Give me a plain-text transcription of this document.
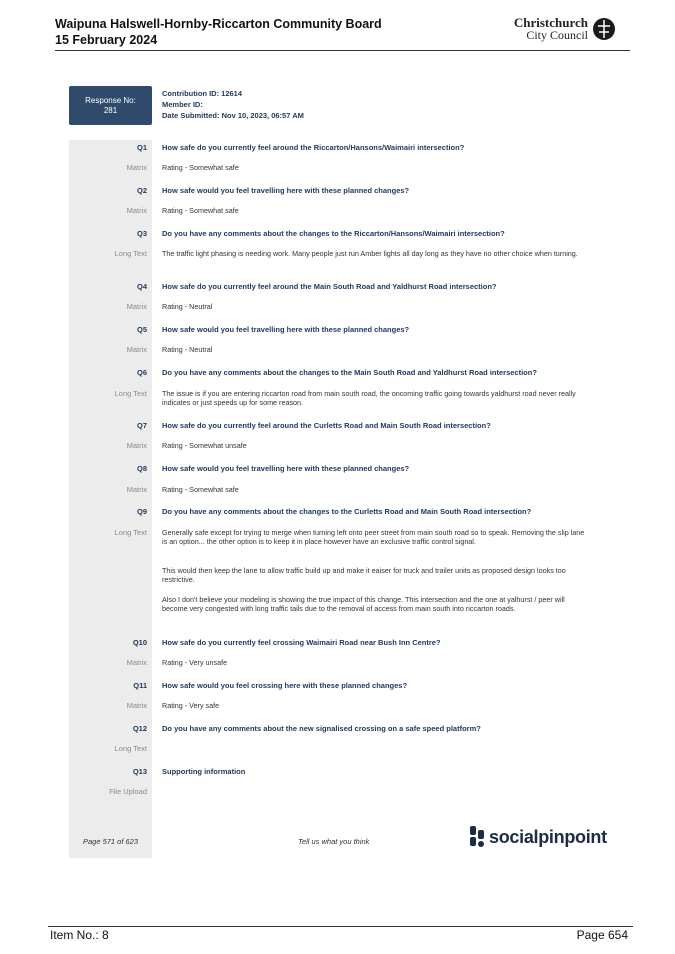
Waipuna Halswell-Hornby-Riccarton Community Board
15 February 2024
Christchurch
City Council
Response No:
281
Contribution ID: 12614
Member ID:
Date Submitted: Nov 10, 2023, 06:57 AM
Q1 How safe do you currently feel around the Riccarton/Hansons/Waimairi intersection?
Matrix Rating - Somewhat safe
Q2 How safe would you feel travelling here with these planned changes?
Matrix Rating - Somewhat safe
Q3 Do you have any comments about the changes to the Riccarton/Hansons/Waimairi intersection?
Long Text The traffic light phasing is needing work. Many people just run Amber lights all day long as they have no other choice when turning.
Q4 How safe do you currently feel around the Main South Road and Yaldhurst Road intersection?
Matrix Rating - Neutral
Q5 How safe would you feel travelling here with these planned changes?
Matrix Rating - Neutral
Q6 Do you have any comments about the changes to the Main South Road and Yaldhurst Road intersection?
Long Text The issue is if you are entering riccarton road from main south road, the oncoming traffic going towards yaldhurst road never really indicates or just speeds up for some reason.
Q7 How safe do you currently feel around the Curletts Road and Main South Road intersection?
Matrix Rating - Somewhat unsafe
Q8 How safe would you feel travelling here with these planned changes?
Matrix Rating - Somewhat safe
Q9 Do you have any comments about the changes to the Curletts Road and Main South Road intersection?
Long Text Generally safe except for trying to merge when turning left onto peer street from main south road so to speak. Removing the slip lane is an option... the other option is to keep it in place however have an exclusive traffic control signal.
This would then keep the lane to allow traffic build up and make it eaiser for truck and trailer units as proposed design looks too restrictive.
Also I don't believe your modeling is showing the true impact of this change. This intersection and the one at yalhurst / peer will become very congested with long traffic tails due to the removal of access from main south into riccarton roads.
Q10 How safe do you currently feel crossing Waimairi Road near Bush Inn Centre?
Matrix Rating - Very unsafe
Q11 How safe would you feel crossing here with these planned changes?
Matrix Rating - Very safe
Q12 Do you have any comments about the new signalised crossing on a safe speed platform?
Long Text
Q13 Supporting information
File Upload
Page 571 of 623	Tell us what you think	socialpinpoint
Item No.: 8	Page 654
